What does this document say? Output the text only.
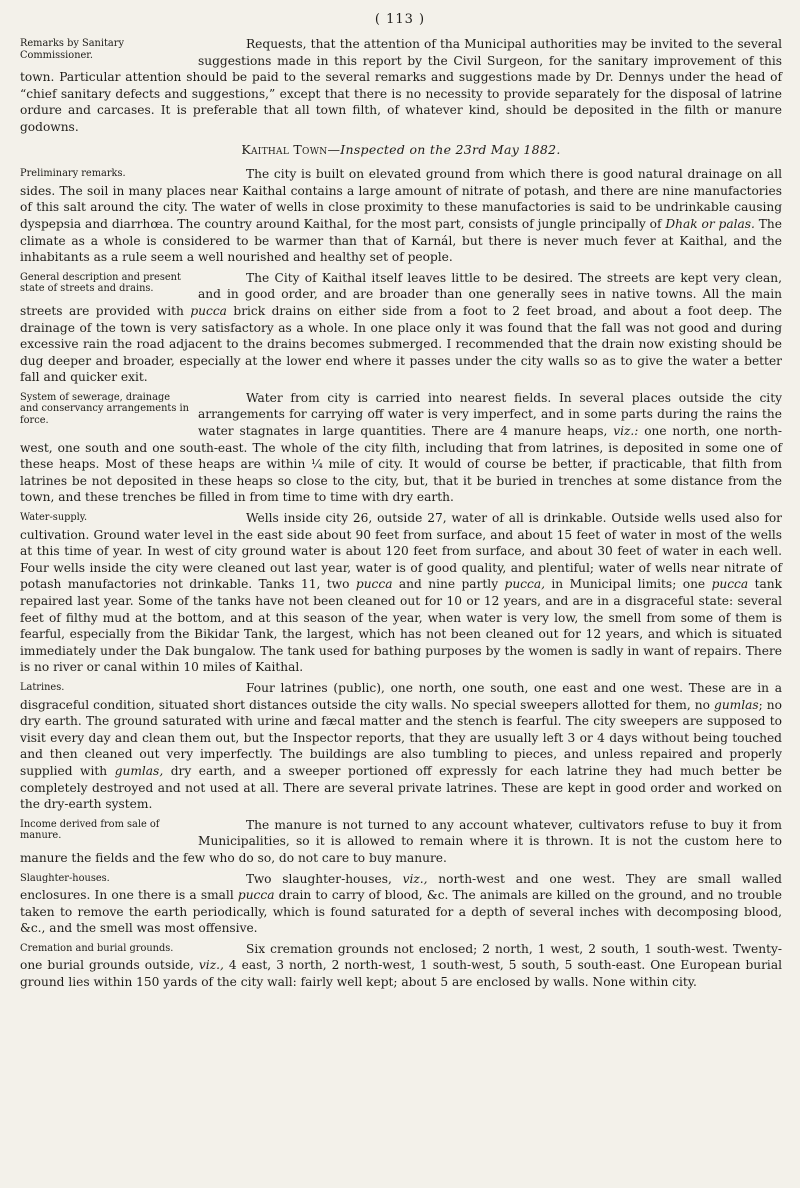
( 113 )

Remarks by Sanitary Commissioner.
Requests, that the attention of tha Municipal authorities may be invited to the several suggestions made in this report by the Civil Surgeon, for the sanitary improvement of this town. Particular attention should be paid to the several remarks and suggestions made by Dr. Dennys under the head of “chief sanitary defects and suggestions,” except that there is no necessity to provide separately for the disposal of latrine ordure and carcases. It is preferable that all town filth, of whatever kind, should be deposited in the filth or manure godowns.

Kaithal Town—Inspected on the 23rd May 1882.

Preliminary remarks.	The city is built on elevated ground from which there is good natural drainage on all sides. The soil in many places near Kaithal contains a large amount of nitrate of potash, and there are nine manufactories of this salt around the city. The water of wells in close proximity to these manufactories is said to be undrinkable causing dyspepsia and diarrhœa. The country around Kaithal, for the most part, consists of jungle principally of Dhak or palas. The climate as a whole is considered to be warmer than that of Karnál, but there is never much fever at Kaithal, and the inhabitants as a rule seem a well nourished and healthy set of people.

General description and present state of streets and drains.
The City of Kaithal itself leaves little to be desired. The streets are kept very clean, and in good order, and are broader than one generally sees in native towns. All the main streets are provided with pucca brick drains on either side from a foot to 2 feet broad, and about a foot deep. The drainage of the town is very satisfactory as a whole. In one place only it was found that the fall was not good and during excessive rain the road adjacent to the drains becomes submerged. I recommended that the drain now existing should be dug deeper and broader, especially at the lower end where it passes under the city walls so as to give the water a better fall and quicker exit.

System of sewerage, drainage and conservancy arrangements in force.
Water from city is carried into nearest fields. In several places outside the city arrangements for carrying off water is very imperfect, and in some parts during the rains the water stagnates in large quantities. There are 4 manure heaps, viz.: one north, one north-west, one south and one south-east. The whole of the city filth, including that from latrines, is deposited in some one of these heaps. Most of these heaps are within ¼ mile of city. It would of course be better, if practicable, that filth from latrines be not deposited in these heaps so close to the city, but, that it be buried in trenches at some distance from the town, and these trenches be filled in from time to time with dry earth.

Water-supply.	Wells inside city 26, outside 27, water of all is drinkable. Outside wells used also for cultivation. Ground water level in the east side about 90 feet from surface, and about 15 feet of water in most of the wells at this time of year. In west of city ground water is about 120 feet from surface, and about 30 feet of water in each well. Four wells inside the city were cleaned out last year, water is of good quality, and plentiful; water of wells near nitrate of potash manufactories not drinkable. Tanks 11, two pucca and nine partly pucca, in Municipal limits; one pucca tank repaired last year. Some of the tanks have not been cleaned out for 10 or 12 years, and are in a disgraceful state: several feet of filthy mud at the bottom, and at this season of the year, when water is very low, the smell from some of them is fearful, especially from the Bikidar Tank, the largest, which has not been cleaned out for 12 years, and which is situated immediately under the Dak bungalow. The tank used for bathing purposes by the women is sadly in want of repairs. There is no river or canal within 10 miles of Kaithal.

Latrines.	Four latrines (public), one north, one south, one east and one west. These are in a disgraceful condition, situated short distances outside the city walls. No special sweepers allotted for them, no gumlas; no dry earth. The ground saturated with urine and fæcal matter and the stench is fearful. The city sweepers are supposed to visit every day and clean them out, but the Inspector reports, that they are usually left 3 or 4 days without being touched and then cleaned out very imperfectly. The buildings are also tumbling to pieces, and unless repaired and properly supplied with gumlas, dry earth, and a sweeper portioned off expressly for each latrine they had much better be completely destroyed and not used at all. There are several private latrines. These are kept in good order and worked on the dry-earth system.

Income derived from sale of manure.
The manure is not turned to any account whatever, cultivators refuse to buy it from Municipalities, so it is allowed to remain where it is thrown. It is not the custom here to manure the fields and the few who do so, do not care to buy manure.

Slaughter-houses.	Two slaughter-houses, viz., north-west and one west. They are small walled enclosures. In one there is a small pucca drain to carry of blood, &c. The animals are killed on the ground, and no trouble taken to remove the earth periodically, which is found saturated for a depth of several inches with decomposing blood, &c., and the smell was most offensive.

Cremation and burial grounds.	Six cremation grounds not enclosed; 2 north, 1 west, 2 south, 1 south-west. Twenty-one burial grounds outside, viz., 4 east, 3 north, 2 north-west, 1 south-west, 5 south, 5 south-east. One European burial ground lies within 150 yards of the city wall: fairly well kept; about 5 are enclosed by walls. None within city.
